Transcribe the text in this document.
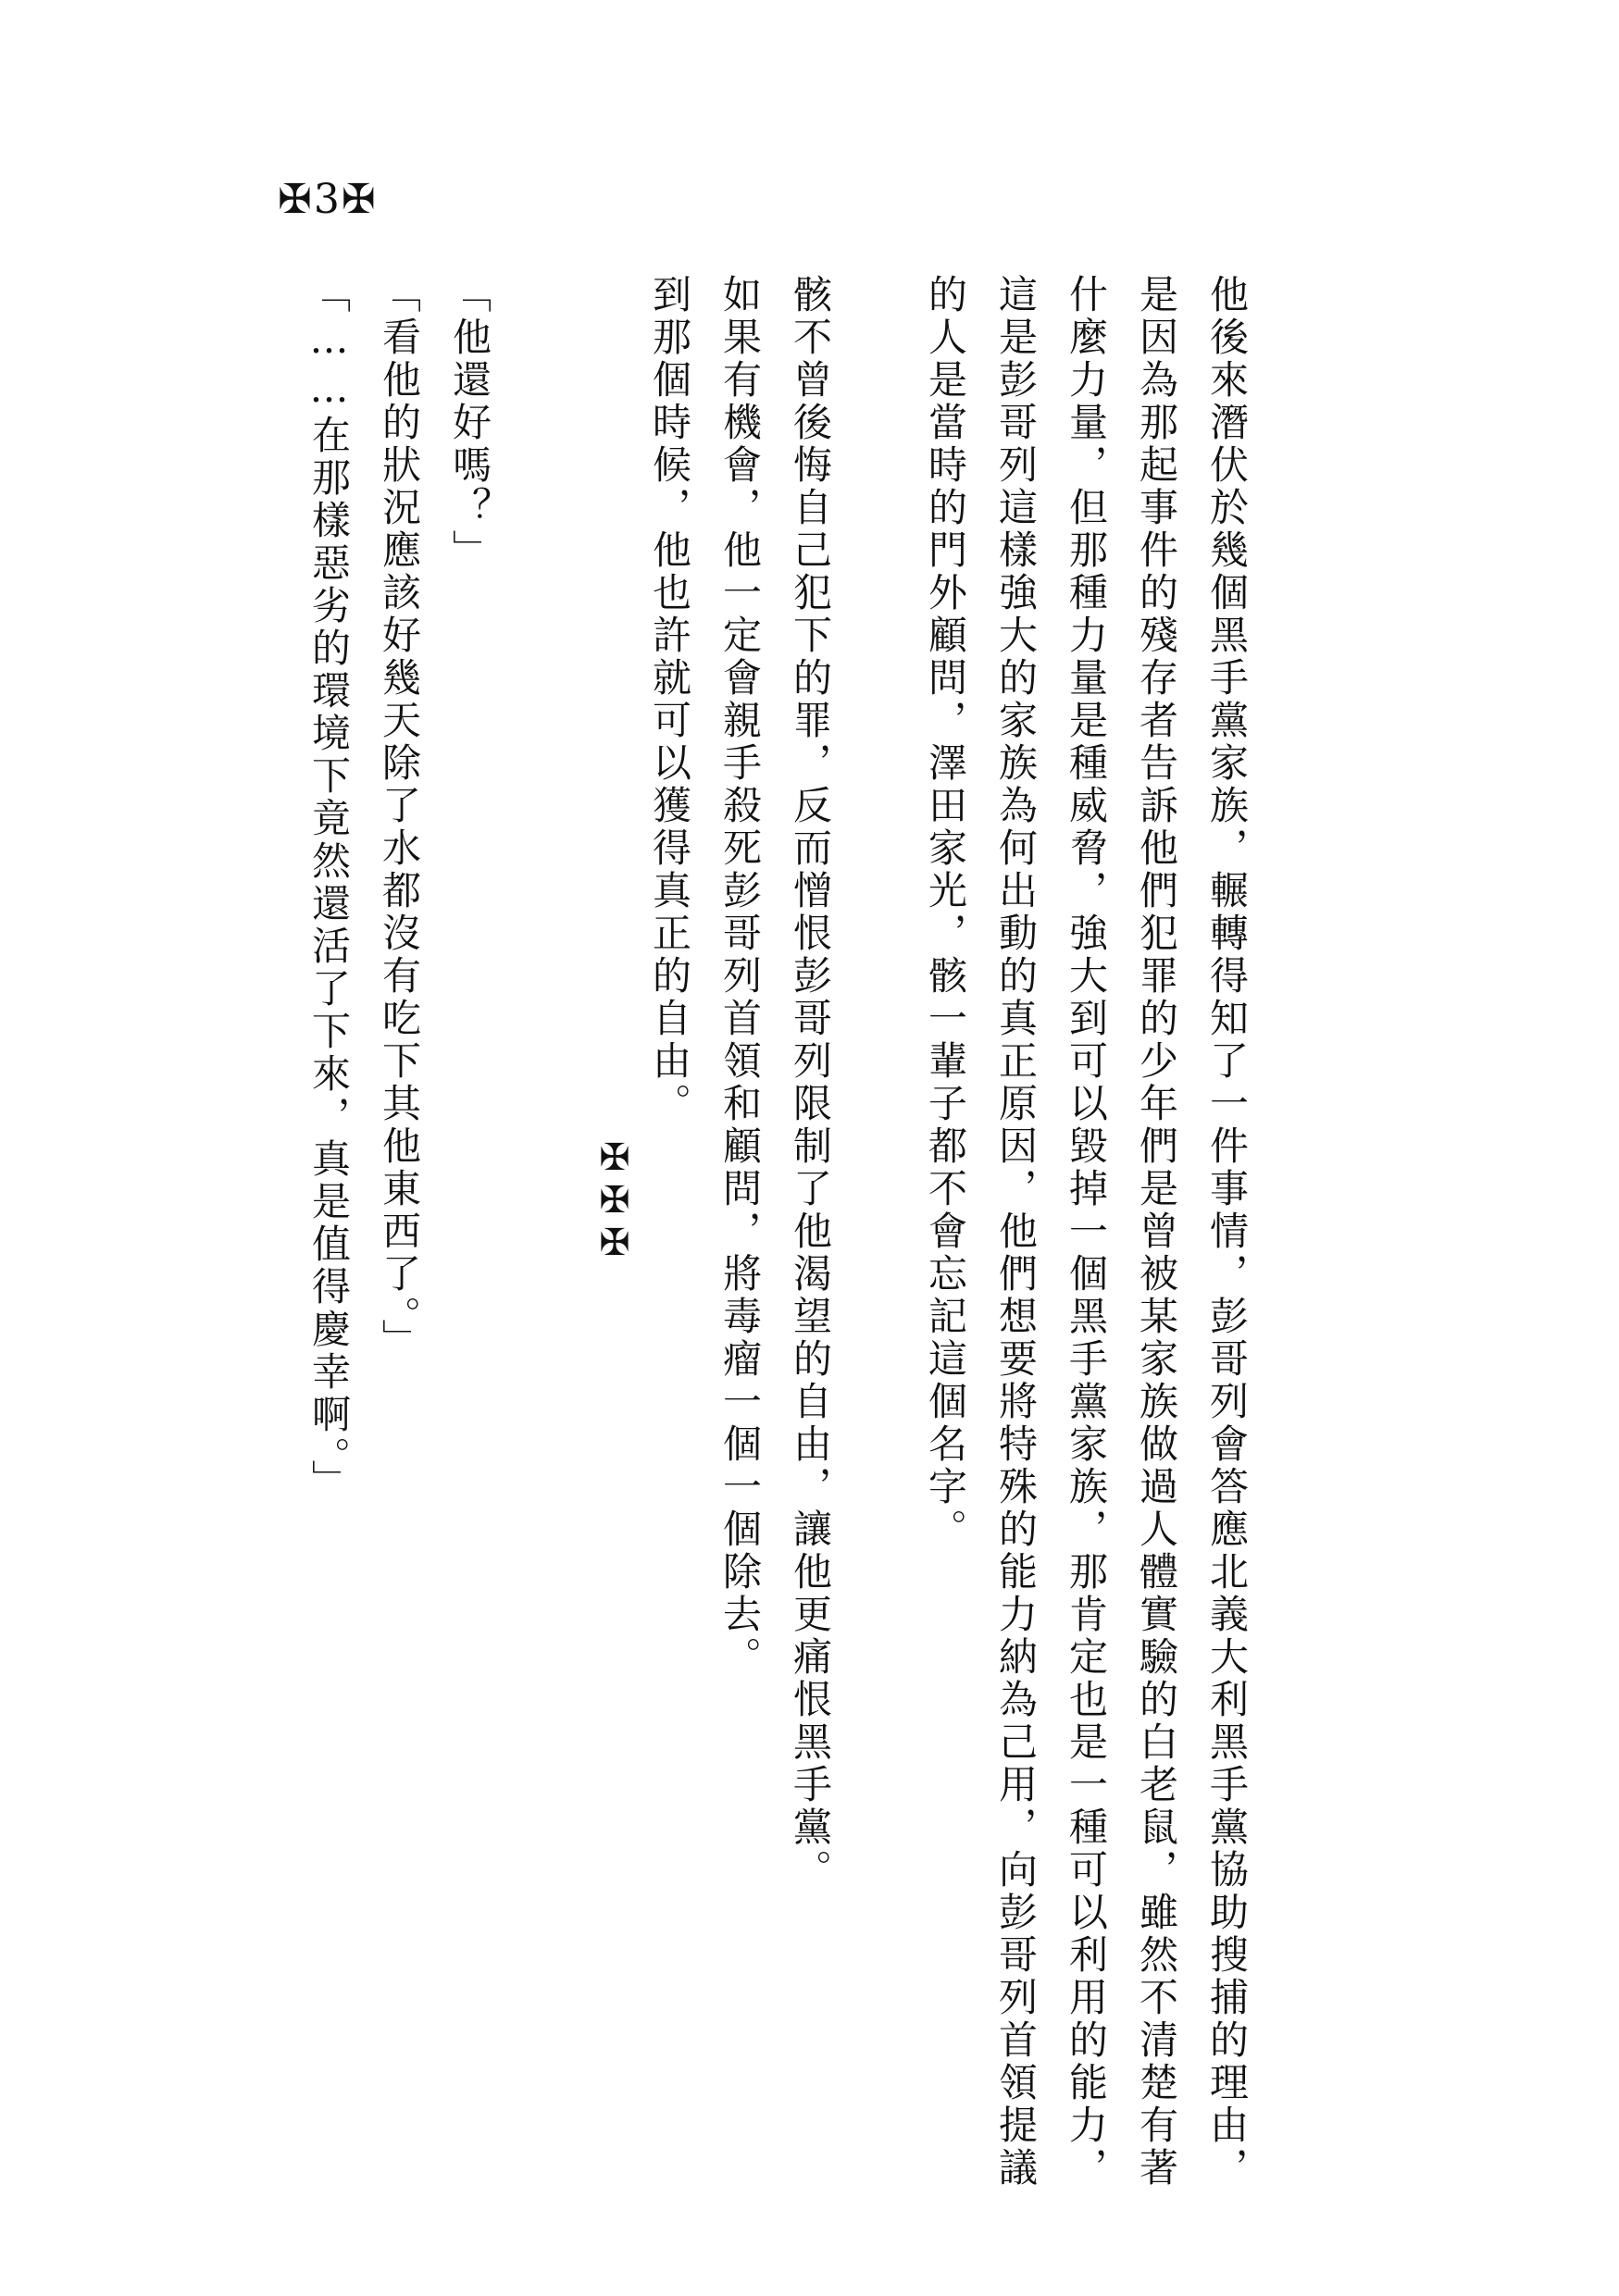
✠3✠
他後來潛伏於幾個黑手黨家族，輾轉得知了一件事情，彭哥列會答應北義大利黑手黨協助搜捕的理由，
是因為那起事件的殘存者告訴他們犯罪的少年們是曾被某家族做過人體實驗的白老鼠，雖然不清楚有著
什麼力量，但那種力量是種威脅，強大到可以毀掉一個黑手黨家族，那肯定也是一種可以利用的能力，
這是彭哥列這樣強大的家族為何出動的真正原因，他們想要將特殊的能力納為己用，向彭哥列首領提議
的人是當時的門外顧問，澤田家光，骸一輩子都不會忘記這個名字。
骸不曾後悔自己犯下的罪，反而憎恨彭哥列限制了他渴望的自由，讓他更痛恨黑手黨。
如果有機會，他一定會親手殺死彭哥列首領和顧問，將毒瘤一個一個除去。
到那個時候，他也許就可以獲得真正的自由。
「他還好嗎？」
「看他的狀況應該好幾天除了水都沒有吃下其他東西了。」
「……在那樣惡劣的環境下竟然還活了下來，真是值得慶幸啊。」	✠✠✠
